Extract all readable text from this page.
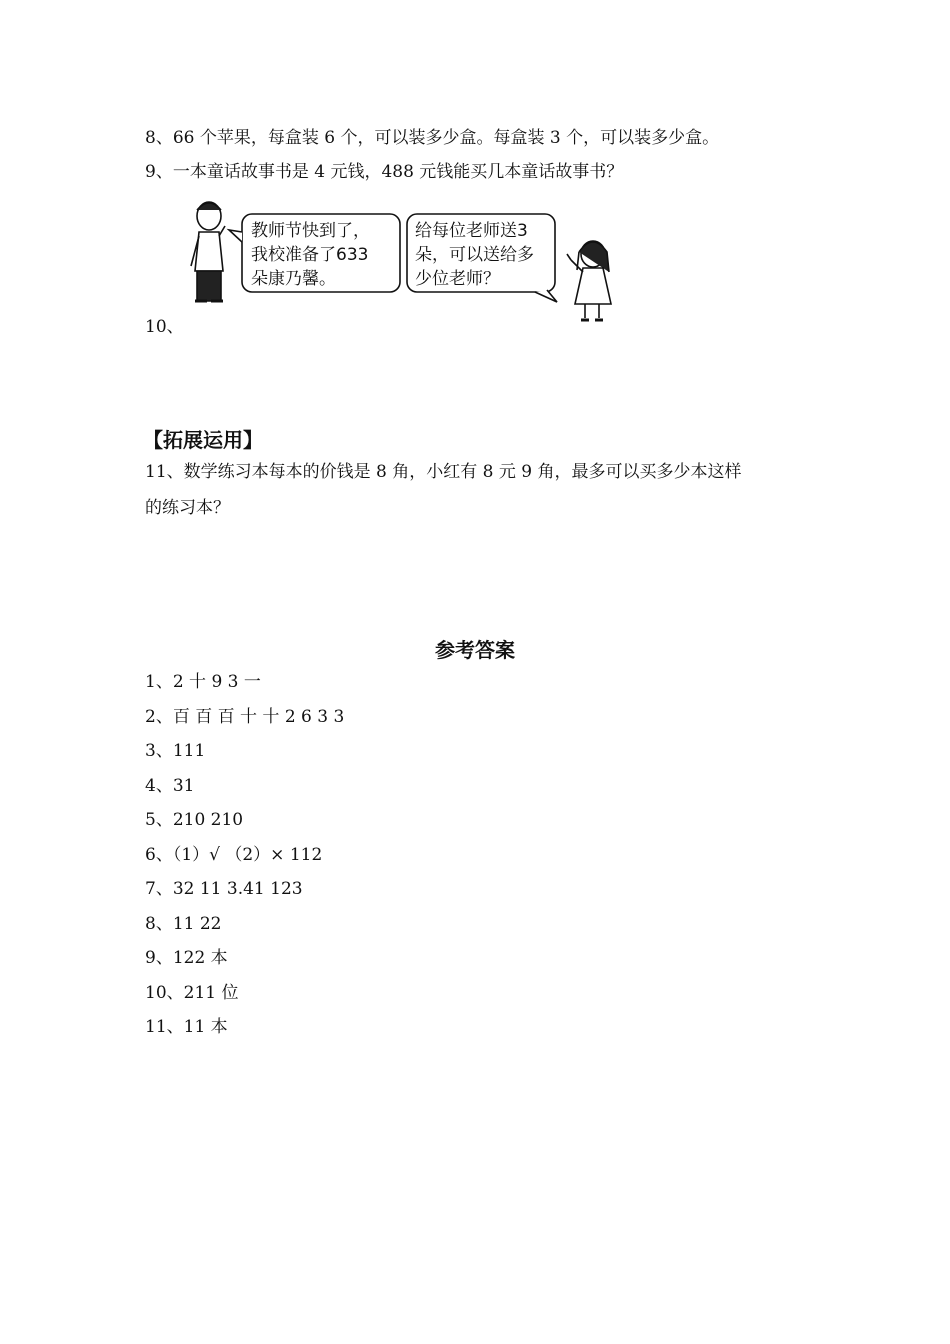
8、66 个苹果，每盒装 6 个，可以装多少盒。每盒装 3 个，可以装多少盒。
9、一本童话故事书是 4 元钱，488 元钱能买几本童话故事书？
教师节快到了，
我校准备了633
朵康乃馨。
给每位老师送3
朵，可以送给多
少位老师？
10、
【拓展运用】
11、数学练习本每本的价钱是 8 角，小红有 8 元 9 角，最多可以买多少本这样
的练习本？
参考答案
1、2 十 9 3 一
2、百 百 百 十 十 2 6 3 3
3、111
4、31
5、210 210
6、（1）√ （2）× 112
7、32 11 3.41 123
8、11 22
9、122 本
10、211 位
11、11 本
